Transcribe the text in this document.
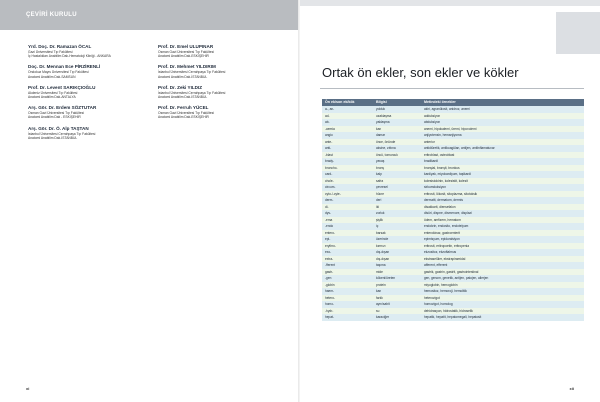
ÇEVİRİ KURULU
Yrd. Doç. Dr. Ramazan ÖCAL
Gazi Üniversitesi Tıp Fakültesi
İç Hastalıkları Anabilim Dalı-Hematoloji Kliniği - ANKARA
Doç. Dr. Mennan Ece PİRZİRENLİ
Ondokuz Mayıs Üniversitesi Tıp Fakültesi
Anatomi Anabilim Dalı-SAMSUN
Prof. Dr. Levent SARIKÇIOĞLU
Akdeniz Üniversitesi Tıp Fakültesi
Anatomi Anabilim Dalı-ANTALYA
Arş. Gör. Dr. Erdem SÖZTUTAR
Osman Gazi Üniversitesi Tıp Fakültesi
Anatomi Anabilim Dalı - ESKİŞEHİR
Arş. Gör. Dr. Ö. Alp TAŞTAN
İstanbul Üniversitesi Cerrahpaşa Tıp Fakültesi
Anatomi Anabilim Dalı-İSTANBUL
Prof. Dr. Emel ULUPINAR
Osman Gazi Üniversitesi Tıp Fakültesi
Anatomi Anabilim Dalı-ESKİŞEHİR
Prof. Dr. Mehmet YILDIRIM
İstanbul Üniversitesi Cerrahpaşa Tıp Fakültesi
Anatomi Anabilim Dalı-İSTANBUL
Prof. Dr. Zeki YILDIZ
İstanbul Üniversitesi Cerrahpaşa Tıp Fakültesi
Anatomi Anabilim Dalı-İSTANBUL
Prof. Dr. Ferruh YÜCEL
Osman Gazi Üniversitesi Tıp Fakültesi
Anatomi Anabilim Dalı-ESKİŞEHİR
xi
Ortak ön ekler, son ekler ve kökler
Ön ek/son ek/kök	Bilgisi	Metindeki örnekler
a-, an-	yokluk	akiri, agranülosit, anidroz, anemi
ad-	uzaklaşma	adduksiyon
ab-	yaklaşma	abduksiyon
-aemia	kan	anemi, hipokalemi, üremi, hipovolemi
angio	damar	anjiyotensin, hemanjiyoma
ante-	önce, önünde	anterior
anti-	aksine, zıttına	antidiüretik, antikoagülan, antijen, antiinflamatuvar
-blast	öncü, tomurcuk	eritroblast, osteoblast
brady-	yavaş	bradikardi
broncho-	bronş	bronşial, bronşit, bronkus
card-	kalp	kardiyak, miyokardiyum, taşikardi
chole-	safra	kolesistokinin, kolesistit, kolesit
circum-	çevresel	sirkumduksiyon
cyto-/-cyte-	hücre	eritrosit, lökosit, sitoplazma, sitotoksik
derm-	deri	dermatit, dermatom, dermis
di-	iki	disakkarit, diensefalon
dys-	zorluk	disüri, dispne, dismenore, displazi
-ema	şişlik	ödem, amfizem, hematom
-endo	iç	endokrin, endosito, endotelyum
entero-	barsak	enterokinaz, gastroenterit
epi-	üzerinde	epimisyum, epiduralsiyon
erythro-	kırmızı	eritrosit, eritropoetin, eritropenia
exo-	dış-dışarı	ekzositoz, ekzoftalmus
extra-	dış-dışarı	ekstraselüler, ekstrapiramidal
-fferent	taşıma	afferent, efferent
gastr-	mide	gastrik, gastrin, gastrit, gastrointestinal
-gen	kökeni/üreten	gen, genom, genetik, antijen, patojen, allerjen
-globin	protein	miyoglobin, hemoglobin
haem-	kan	hemositoz, hemoroji, hemolitik
hetero-	farklı	heterozigot
homo-	aynı/sabit	homozigot, homolog
-hydr-	su	dehidrasyon, hidrostatik, hidroselik
hepat-	karaciğer	hepatik, hepatit, hepatomegali, hepatosit
xii
